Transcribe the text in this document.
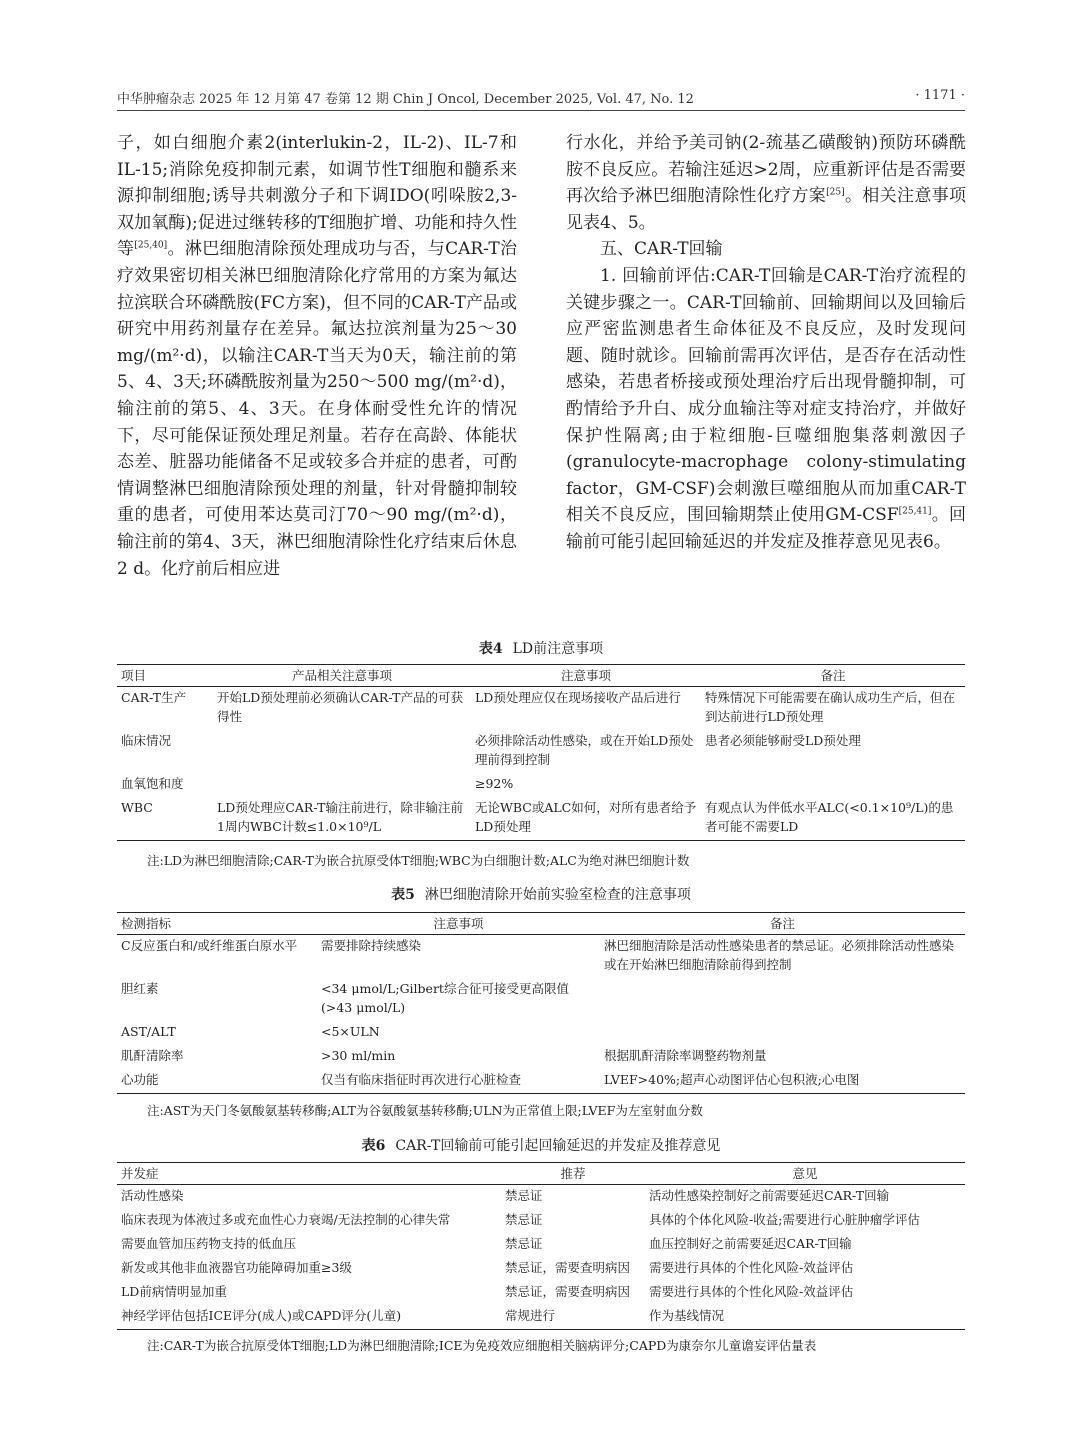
中华肿瘤杂志 2025 年 12 月第 47 卷第 12 期 Chin J Oncol, December 2025, Vol. 47, No. 12	· 1171 ·

子，如白细胞介素2(interlukin-2，IL-2)、IL-7和IL-15;消除免疫抑制元素，如调节性T细胞和髓系来源抑制细胞;诱导共刺激分子和下调IDO(吲哚胺2,3-双加氧酶);促进过继转移的T细胞扩增、功能和持久性等[25,40]。淋巴细胞清除预处理成功与否，与CAR-T治疗效果密切相关淋巴细胞清除化疗常用的方案为氟达拉滨联合环磷酰胺(FC方案)，但不同的CAR-T产品或研究中用药剂量存在差异。氟达拉滨剂量为25～30 mg/(m²·d)，以输注CAR-T当天为0天，输注前的第5、4、3天;环磷酰胺剂量为250～500 mg/(m²·d)，输注前的第5、4、3天。在身体耐受性允许的情况下，尽可能保证预处理足剂量。若存在高龄、体能状态差、脏器功能储备不足或较多合并症的患者，可酌情调整淋巴细胞清除预处理的剂量，针对骨髓抑制较重的患者，可使用苯达莫司汀70～90 mg/(m²·d)，输注前的第4、3天，淋巴细胞清除性化疗结束后休息2 d。化疗前后相应进

行水化，并给予美司钠(2-巯基乙磺酸钠)预防环磷酰胺不良反应。若输注延迟>2周，应重新评估是否需要再次给予淋巴细胞清除性化疗方案[25]。相关注意事项见表4、5。

五、CAR-T回输

1. 回输前评估:CAR-T回输是CAR-T治疗流程的关键步骤之一。CAR-T回输前、回输期间以及回输后应严密监测患者生命体征及不良反应，及时发现问题、随时就诊。回输前需再次评估，是否存在活动性感染，若患者桥接或预处理治疗后出现骨髓抑制，可酌情给予升白、成分血输注等对症支持治疗，并做好保护性隔离;由于粒细胞-巨噬细胞集落刺激因子(granulocyte-macrophage colony-stimulating factor，GM-CSF)会刺激巨噬细胞从而加重CAR-T相关不良反应，围回输期禁止使用GM-CSF[25,41]。回输前可能引起回输延迟的并发症及推荐意见见表6。

表4 LD前注意事项
项目	产品相关注意事项	注意事项	备注
CAR-T生产	开始LD预处理前必须确认CAR-T产品的可获得性	LD预处理应仅在现场接收产品后进行	特殊情况下可能需要在确认成功生产后，但在到达前进行LD预处理
临床情况		必须排除活动性感染，或在开始LD预处理前得到控制	患者必须能够耐受LD预处理
血氧饱和度		≥92%	
WBC	LD预处理应CAR-T输注前进行，除非输注前1周内WBC计数≤1.0×10⁹/L	无论WBC或ALC如何，对所有患者给予LD预处理	有观点认为伴低水平ALC(<0.1×10⁹/L)的患者可能不需要LD
注:LD为淋巴细胞清除;CAR-T为嵌合抗原受体T细胞;WBC为白细胞计数;ALC为绝对淋巴细胞计数
表5 淋巴细胞清除开始前实验室检查的注意事项
检测指标	注意事项	备注
C反应蛋白和/或纤维蛋白原水平	需要排除持续感染	淋巴细胞清除是活动性感染患者的禁忌证。必须排除活动性感染或在开始淋巴细胞清除前得到控制
胆红素	<34 μmol/L;Gilbert综合征可接受更高限值(>43 μmol/L)	
AST/ALT	<5×ULN	
肌酐清除率	>30 ml/min	根据肌酐清除率调整药物剂量
心功能	仅当有临床指征时再次进行心脏检查	LVEF>40%;超声心动图评估心包积液;心电图
注:AST为天门冬氨酸氨基转移酶;ALT为谷氨酸氨基转移酶;ULN为正常值上限;LVEF为左室射血分数
表6 CAR-T回输前可能引起回输延迟的并发症及推荐意见
并发症	推荐	意见
活动性感染	禁忌证	活动性感染控制好之前需要延迟CAR-T回输
临床表现为体液过多或充血性心力衰竭/无法控制的心律失常	禁忌证	具体的个体化风险-收益;需要进行心脏肿瘤学评估
需要血管加压药物支持的低血压	禁忌证	血压控制好之前需要延迟CAR-T回输
新发或其他非血液器官功能障碍加重≥3级	禁忌证，需要查明病因	需要进行具体的个性化风险-效益评估
LD前病情明显加重	禁忌证，需要查明病因	需要进行具体的个性化风险-效益评估
神经学评估包括ICE评分(成人)或CAPD评分(儿童)	常规进行	作为基线情况
注:CAR-T为嵌合抗原受体T细胞;LD为淋巴细胞清除;ICE为免疫效应细胞相关脑病评分;CAPD为康奈尔儿童谵妄评估量表
